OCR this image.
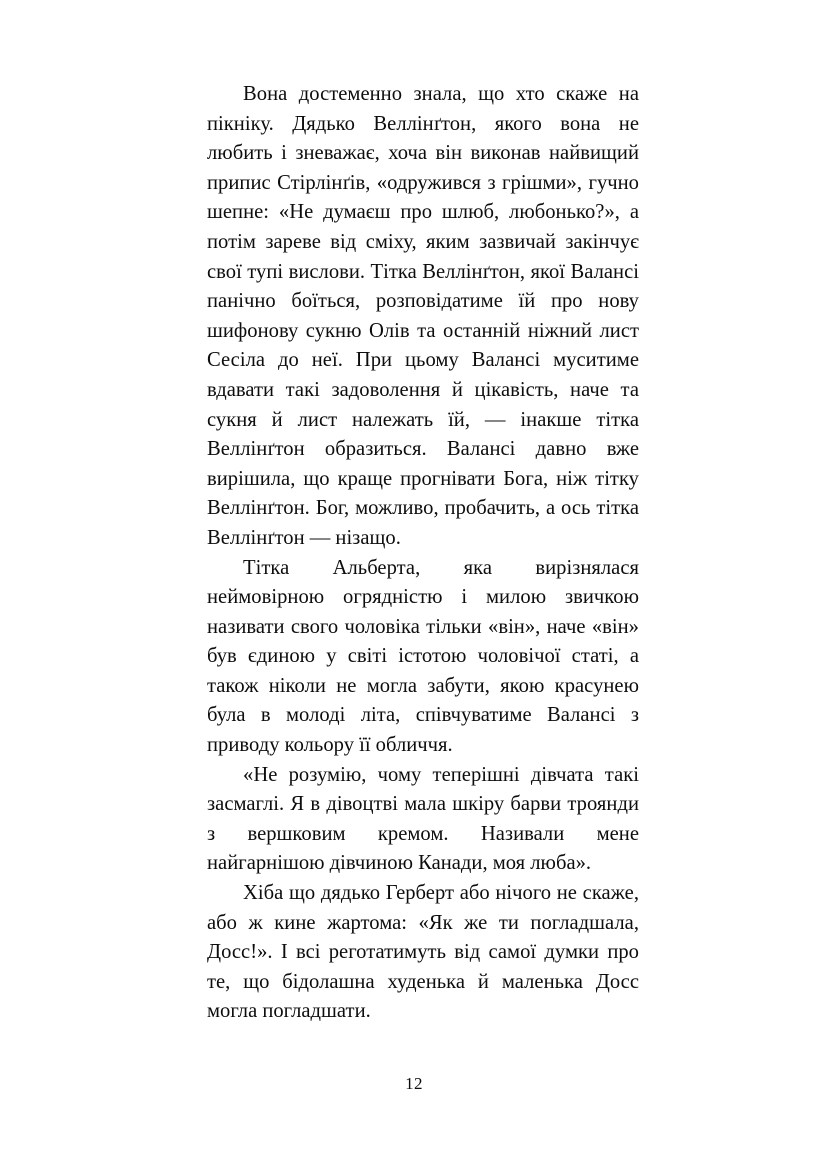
Вона достеменно знала, що хто скаже на пікніку. Дядько Веллінґтон, якого вона не любить і зневажає, хоча він виконав найвищий припис Стірлінґів, «одружився з грішми», гучно шепне: «Не думаєш про шлюб, любонько?», а потім зареве від сміху, яким зазвичай закінчує свої тупі вислови. Тітка Веллінґтон, якої Валансі панічно боїться, розповідатиме їй про нову шифонову сукню Олів та останній ніжний лист Сесіла до неї. При цьому Валансі муситиме вдавати такі задоволення й цікавість, наче та сукня й лист належать їй, — інакше тітка Веллінґтон образиться. Валансі давно вже вирішила, що краще прогнівати Бога, ніж тітку Веллінґтон. Бог, можливо, пробачить, а ось тітка Веллінґтон — нізащо.

Тітка Альберта, яка вирізнялася неймовірною огрядністю і милою звичкою називати свого чоловіка тільки «він», наче «він» був єдиною у світі істотою чоловічої статі, а також ніколи не могла забути, якою красунею була в молоді літа, співчуватиме Валансі з приводу кольору її обличчя.

«Не розумію, чому теперішні дівчата такі засмаглі. Я в дівоцтві мала шкіру барви троянди з вершковим кремом. Називали мене найгарнішою дівчиною Канади, моя люба».

Хіба що дядько Герберт або нічого не скаже, або ж кине жартома: «Як же ти погладшала, Досс!». І всі реготатимуть від самої думки про те, що бідолашна худенька й маленька Досс могла погладшати.

12
